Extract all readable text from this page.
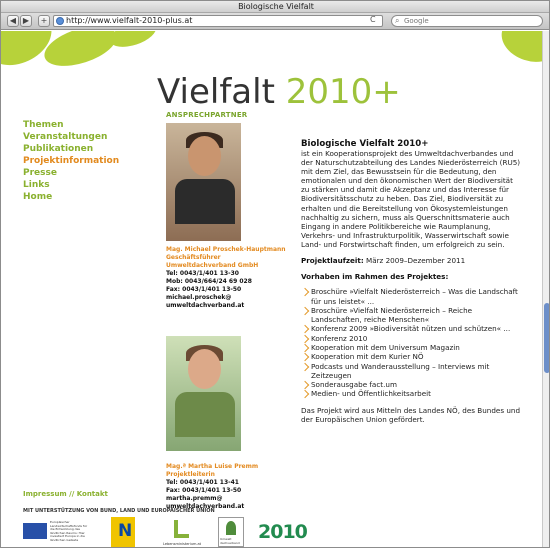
Biologische Vielfalt
◀ ▶	+	http://www.vielfalt-2010-plus.at	C ⌕ Google
Vielfalt 2010+
Themen
Veranstaltungen
Publikationen
Projektinformation
Presse
Links
Home
ANSPRECHPARTNER
Mag. Michael Proschek-Hauptmann
Geschäftsführer
Umweltdachverband GmbH
Tel: 0043/1/401 13-30
Mob: 0043/664/24 69 028
Fax: 0043/1/401 13-50
michael.proschek@
umweltdachverband.at
Mag.ª Martha Luise Premm
Projektleiterin
Tel: 0043/1/401 13-41
Fax: 0043/1/401 13-50
martha.premm@
umweltdachverband.at
Biologische Vielfalt 2010+

ist ein Kooperationsprojekt des Umweltdachverbandes und der Naturschutzabteilung des Landes Niederösterreich (RU5) mit dem Ziel, das Bewusstsein für die Bedeutung, den emotionalen und den ökonomischen Wert der Biodiversität zu stärken und damit die Akzeptanz und das Interesse für Biodiversitätsschutz zu heben. Das Ziel, Biodiversität zu erhalten und die Bereitstellung von Ökosystemleistungen nachhaltig zu sichern, muss als Querschnittsmaterie auch Eingang in andere Politikbereiche wie Raumplanung, Verkehrs- und Infrastrukturpolitik, Wasserwirtschaft sowie Land- und Forstwirtschaft finden, um erfolgreich zu sein.

Projektlaufzeit: März 2009–Dezember 2011

Vorhaben im Rahmen des Projektes:

Broschüre »Vielfalt Niederösterreich – Was die Landschaft für uns leistet« ...
Broschüre »Vielfalt Niederösterreich – Reiche Landschaften, reiche Menschen«
Konferenz 2009 »Biodiversität nützen und schützen« ...
Konferenz 2010
Kooperation mit dem Universum Magazin
Kooperation mit dem Kurier NÖ
Podcasts und Wanderausstellung – Interviews mit Zeitzeugen
Sonderausgabe fact.um
Medien- und Öffentlichkeitsarbeit

Das Projekt wird aus Mitteln des Landes NÖ, des Bundes und der Europäischen Union gefördert.

Impressum // Kontakt
MIT UNTERSTÜTZUNG VON BUND, LAND UND EUROPÄISCHER UNION
Europäischer Landwirtschaftsfonds für die Entwicklung des ländlichen Raums: Hier investiert Europa in die ländlichen Gebiete	N
Lebensministerium.at
Umwelt dachverband 2010
